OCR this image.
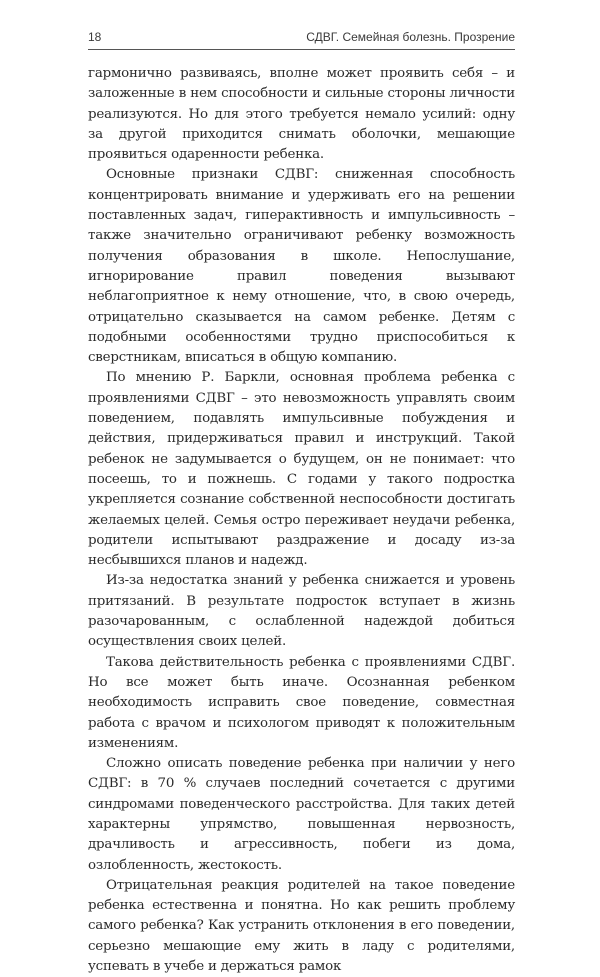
18	СДВГ. Семейная болезнь. Прозрение

гармонично развиваясь, вполне может проявить себя – и заложенные в нем способности и сильные стороны личности реализуются. Но для этого требуется немало усилий: одну за другой приходится снимать оболочки, мешающие проявиться одаренности ребенка.

Основные признаки СДВГ: сниженная способность концентрировать внимание и удерживать его на решении поставленных задач, гиперактивность и импульсивность – также значительно ограничивают ребенку возможность получения образования в школе. Непослушание, игнорирование правил поведения вызывают неблагоприятное к нему отношение, что, в свою очередь, отрицательно сказывается на самом ребенке. Детям с подобными особенностями трудно приспособиться к сверстникам, вписаться в общую компанию.

По мнению Р. Баркли, основная проблема ребенка с проявлениями СДВГ – это невозможность управлять своим поведением, подавлять импульсивные побуждения и действия, придерживаться правил и инструкций. Такой ребенок не задумывается о будущем, он не понимает: что посеешь, то и пожнешь. С годами у такого подростка укрепляется сознание собственной неспособности достигать желаемых целей. Семья остро переживает неудачи ребенка, родители испытывают раздражение и досаду из-за несбывшихся планов и надежд.

Из-за недостатка знаний у ребенка снижается и уровень притязаний. В результате подросток вступает в жизнь разочарованным, с ослабленной надеждой добиться осуществления своих целей.

Такова действительность ребенка с проявлениями СДВГ. Но все может быть иначе. Осознанная ребенком необходимость исправить свое поведение, совместная работа с врачом и психологом приводят к положительным изменениям.

Сложно описать поведение ребенка при наличии у него СДВГ: в 70 % случаев последний сочетается с другими синдромами поведенческого расстройства. Для таких детей характерны упрямство, повышенная нервозность, драчливость и агрессивность, побеги из дома, озлобленность, жестокость.

Отрицательная реакция родителей на такое поведение ребенка естественна и понятна. Но как решить проблему самого ребенка? Как устранить отклонения в его поведении, серьезно мешающие ему жить в ладу с родителями, успевать в учебе и держаться рамок
